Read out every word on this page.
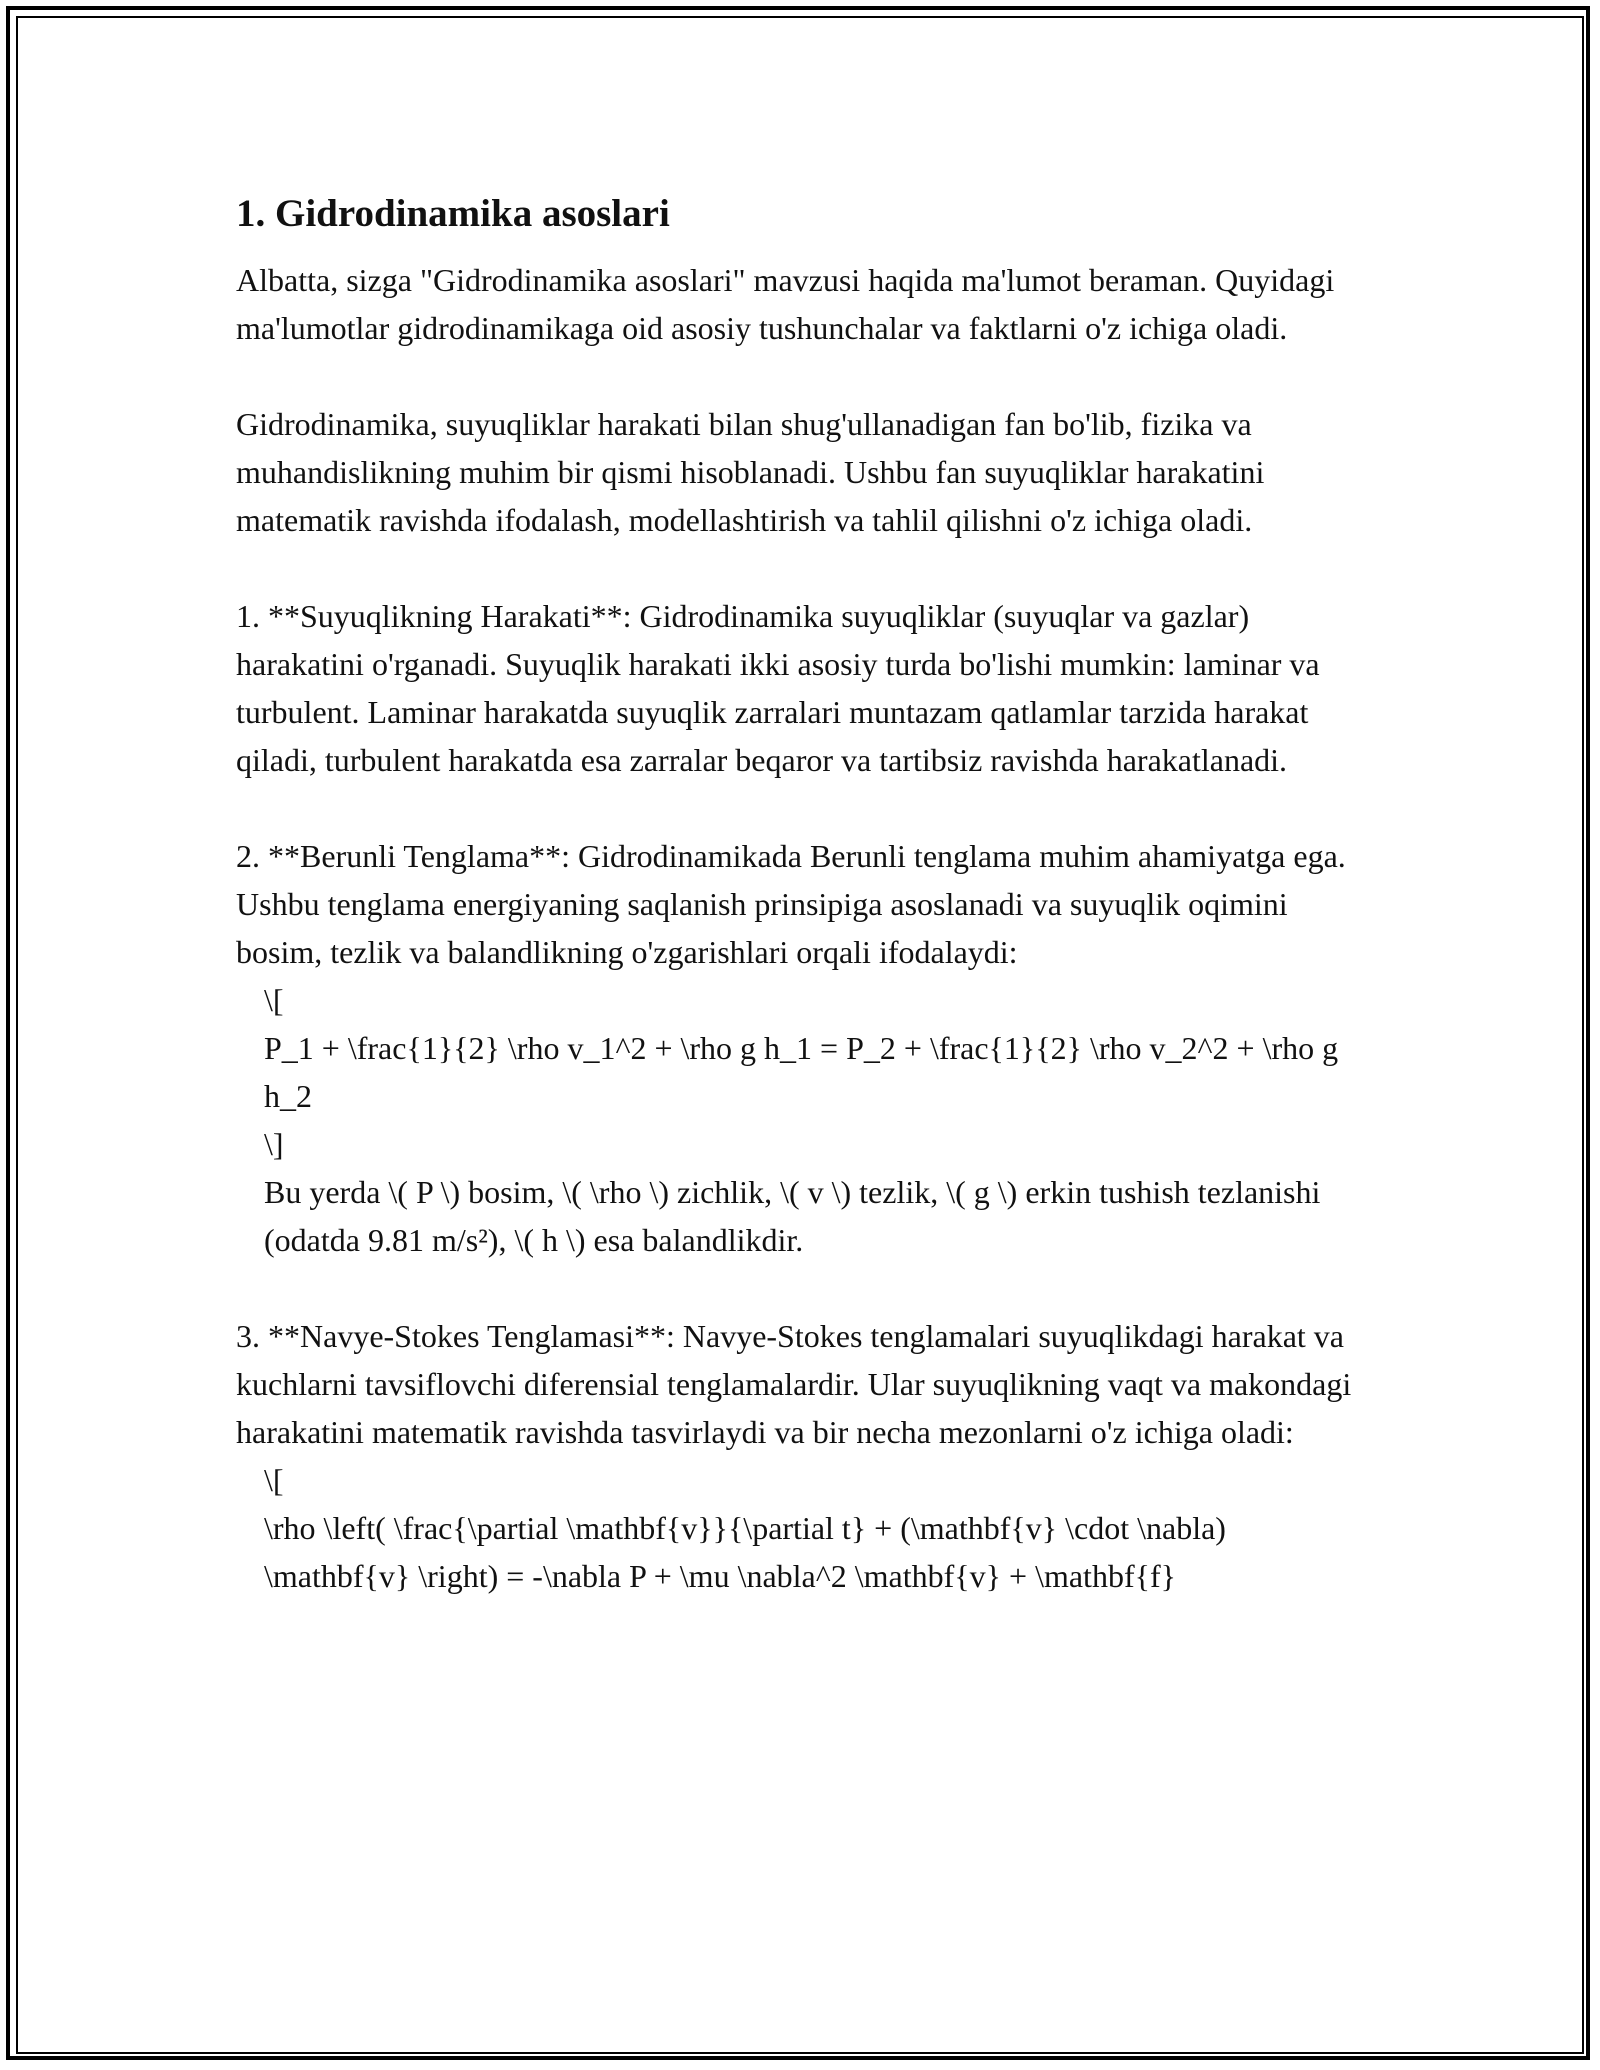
1. Gidrodinamika asoslari

Albatta, sizga "Gidrodinamika asoslari" mavzusi haqida ma'lumot beraman. Quyidagi ma'lumotlar gidrodinamikaga oid asosiy tushunchalar va faktlarni o'z ichiga oladi.

Gidrodinamika, suyuqliklar harakati bilan shug'ullanadigan fan bo'lib, fizika va muhandislikning muhim bir qismi hisoblanadi. Ushbu fan suyuqliklar harakatini matematik ravishda ifodalash, modellashtirish va tahlil qilishni o'z ichiga oladi.

1. **Suyuqlikning Harakati**: Gidrodinamika suyuqliklar (suyuqlar va gazlar) harakatini o'rganadi. Suyuqlik harakati ikki asosiy turda bo'lishi mumkin: laminar va turbulent. Laminar harakatda suyuqlik zarralari muntazam qatlamlar tarzida harakat qiladi, turbulent harakatda esa zarralar beqaror va tartibsiz ravishda harakatlanadi.

2. **Berunli Tenglama**: Gidrodinamikada Berunli tenglama muhim ahamiyatga ega. Ushbu tenglama energiyaning saqlanish prinsipiga asoslanadi va suyuqlik oqimini bosim, tezlik va balandlikning o'zgarishlari orqali ifodalaydi:

\[

P_1 + \frac{1}{2} \rho v_1^2 + \rho g h_1 = P_2 + \frac{1}{2} \rho v_2^2 + \rho g h_2

\]

Bu yerda \( P \) bosim, \( \rho \) zichlik, \( v \) tezlik, \( g \) erkin tushish tezlanishi (odatda 9.81 m/s²), \( h \) esa balandlikdir.

3. **Navye-Stokes Tenglamasi**: Navye-Stokes tenglamalari suyuqlikdagi harakat va kuchlarni tavsiflovchi diferensial tenglamalardir. Ular suyuqlikning vaqt va makondagi harakatini matematik ravishda tasvirlaydi va bir necha mezonlarni o'z ichiga oladi:

\[

\rho \left( \frac{\partial \mathbf{v}}{\partial t} + (\mathbf{v} \cdot \nabla) \mathbf{v} \right) = -\nabla P + \mu \nabla^2 \mathbf{v} + \mathbf{f}
